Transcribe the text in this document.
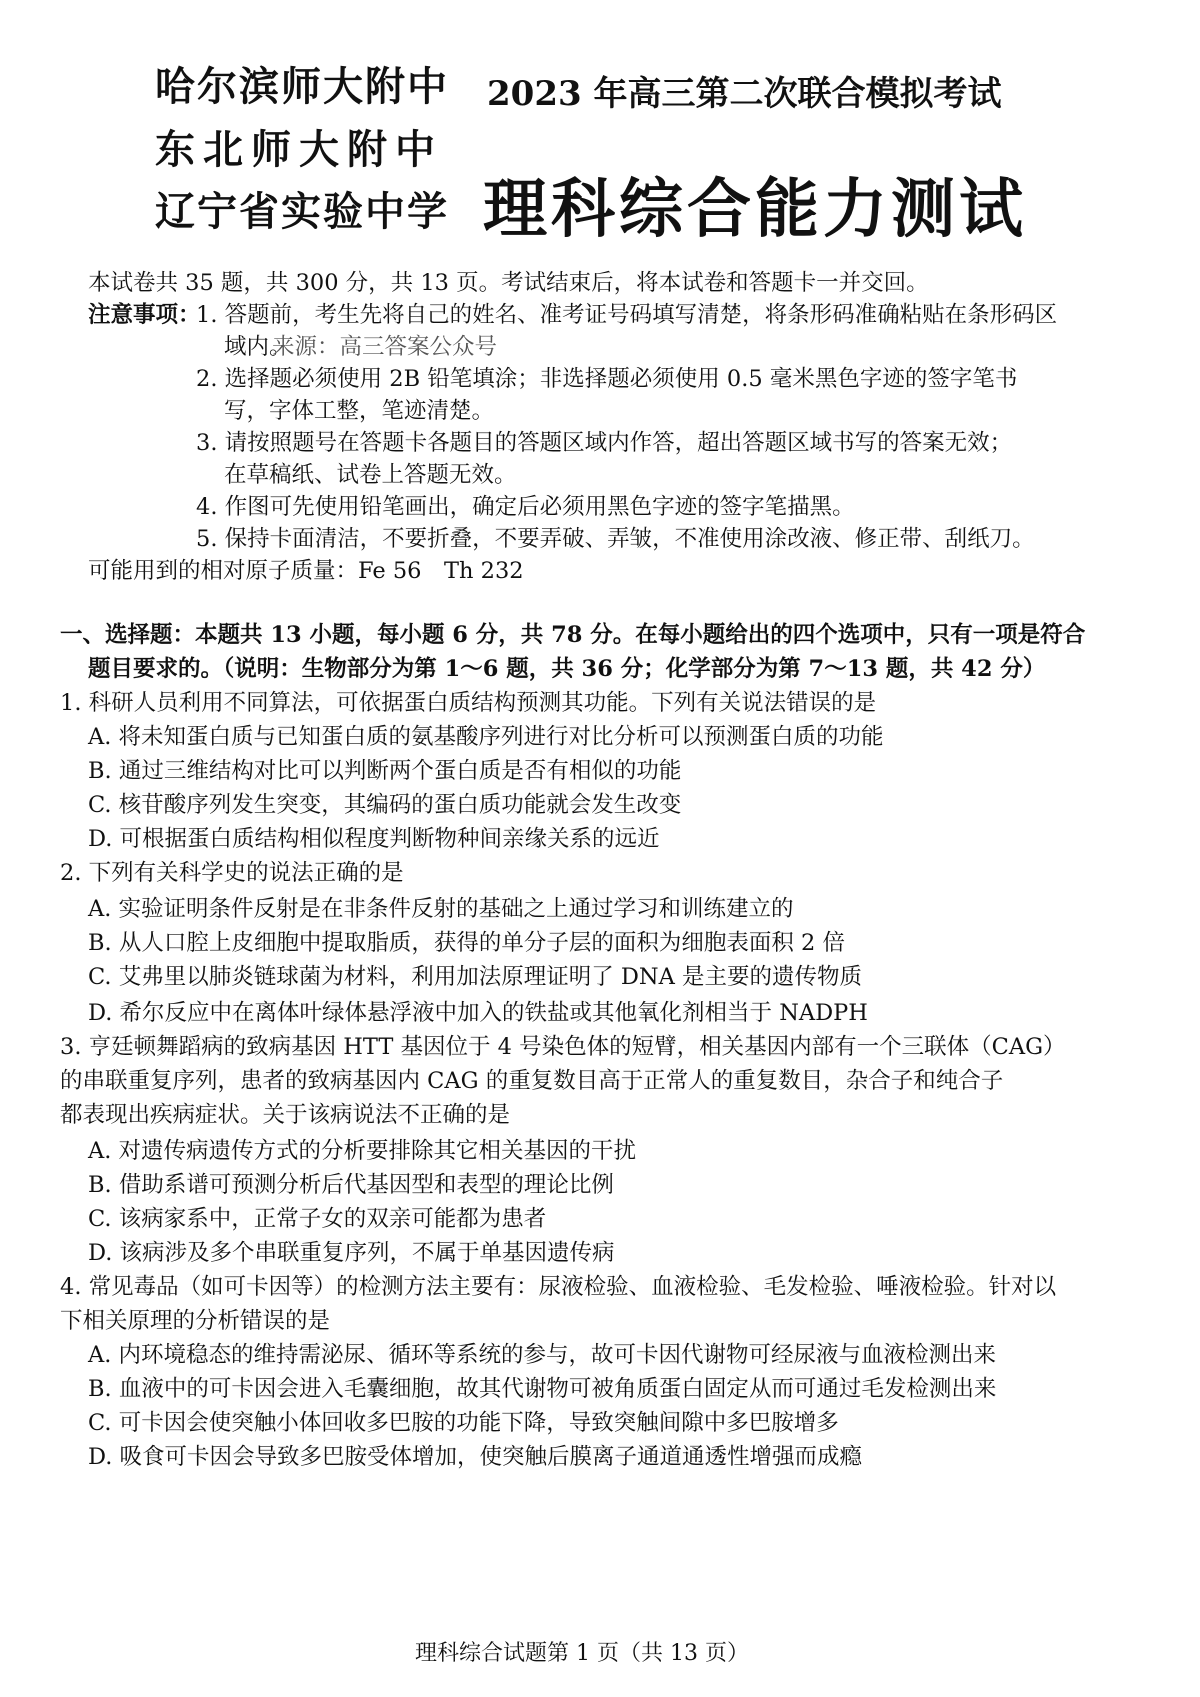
哈尔滨师大附中
东北师大附中
辽宁省实验中学
2023 年高三第二次联合模拟考试
理科综合能力测试
本试卷共 35 题，共 300 分，共 13 页。考试结束后，将本试卷和答题卡一并交回。
注意事项：
1. 答题前，考生先将自己的姓名、准考证号码填写清楚，将条形码准确粘贴在条形码区
域内。
来源：高三答案公众号
2. 选择题必须使用 2B 铅笔填涂；非选择题必须使用 0.5 毫米黑色字迹的签字笔书
写，字体工整，笔迹清楚。
3. 请按照题号在答题卡各题目的答题区域内作答，超出答题区域书写的答案无效；
在草稿纸、试卷上答题无效。
4. 作图可先使用铅笔画出，确定后必须用黑色字迹的签字笔描黑。
5. 保持卡面清洁，不要折叠，不要弄破、弄皱，不准使用涂改液、修正带、刮纸刀。
可能用到的相对原子质量：Fe 56　Th 232
一、选择题：本题共 13 小题，每小题 6 分，共 78 分。在每小题给出的四个选项中，只有一项是符合
题目要求的。（说明：生物部分为第 1～6 题，共 36 分；化学部分为第 7～13 题，共 42 分）
1. 科研人员利用不同算法，可依据蛋白质结构预测其功能。下列有关说法错误的是
A. 将未知蛋白质与已知蛋白质的氨基酸序列进行对比分析可以预测蛋白质的功能
B. 通过三维结构对比可以判断两个蛋白质是否有相似的功能
C. 核苷酸序列发生突变，其编码的蛋白质功能就会发生改变
D. 可根据蛋白质结构相似程度判断物种间亲缘关系的远近
2. 下列有关科学史的说法正确的是
A. 实验证明条件反射是在非条件反射的基础之上通过学习和训练建立的
B. 从人口腔上皮细胞中提取脂质，获得的单分子层的面积为细胞表面积 2 倍
C. 艾弗里以肺炎链球菌为材料，利用加法原理证明了 DNA 是主要的遗传物质
D. 希尔反应中在离体叶绿体悬浮液中加入的铁盐或其他氧化剂相当于 NADPH
3. 亨廷顿舞蹈病的致病基因 HTT 基因位于 4 号染色体的短臂，相关基因内部有一个三联体（CAG）
的串联重复序列，患者的致病基因内 CAG 的重复数目高于正常人的重复数目，杂合子和纯合子
都表现出疾病症状。关于该病说法不正确的是
A. 对遗传病遗传方式的分析要排除其它相关基因的干扰
B. 借助系谱可预测分析后代基因型和表型的理论比例
C. 该病家系中，正常子女的双亲可能都为患者
D. 该病涉及多个串联重复序列，不属于单基因遗传病
4. 常见毒品（如可卡因等）的检测方法主要有：尿液检验、血液检验、毛发检验、唾液检验。针对以
下相关原理的分析错误的是
A. 内环境稳态的维持需泌尿、循环等系统的参与，故可卡因代谢物可经尿液与血液检测出来
B. 血液中的可卡因会进入毛囊细胞，故其代谢物可被角质蛋白固定从而可通过毛发检测出来
C. 可卡因会使突触小体回收多巴胺的功能下降，导致突触间隙中多巴胺增多
D. 吸食可卡因会导致多巴胺受体增加，使突触后膜离子通道通透性增强而成瘾
理科综合试题第 1 页（共 13 页）
